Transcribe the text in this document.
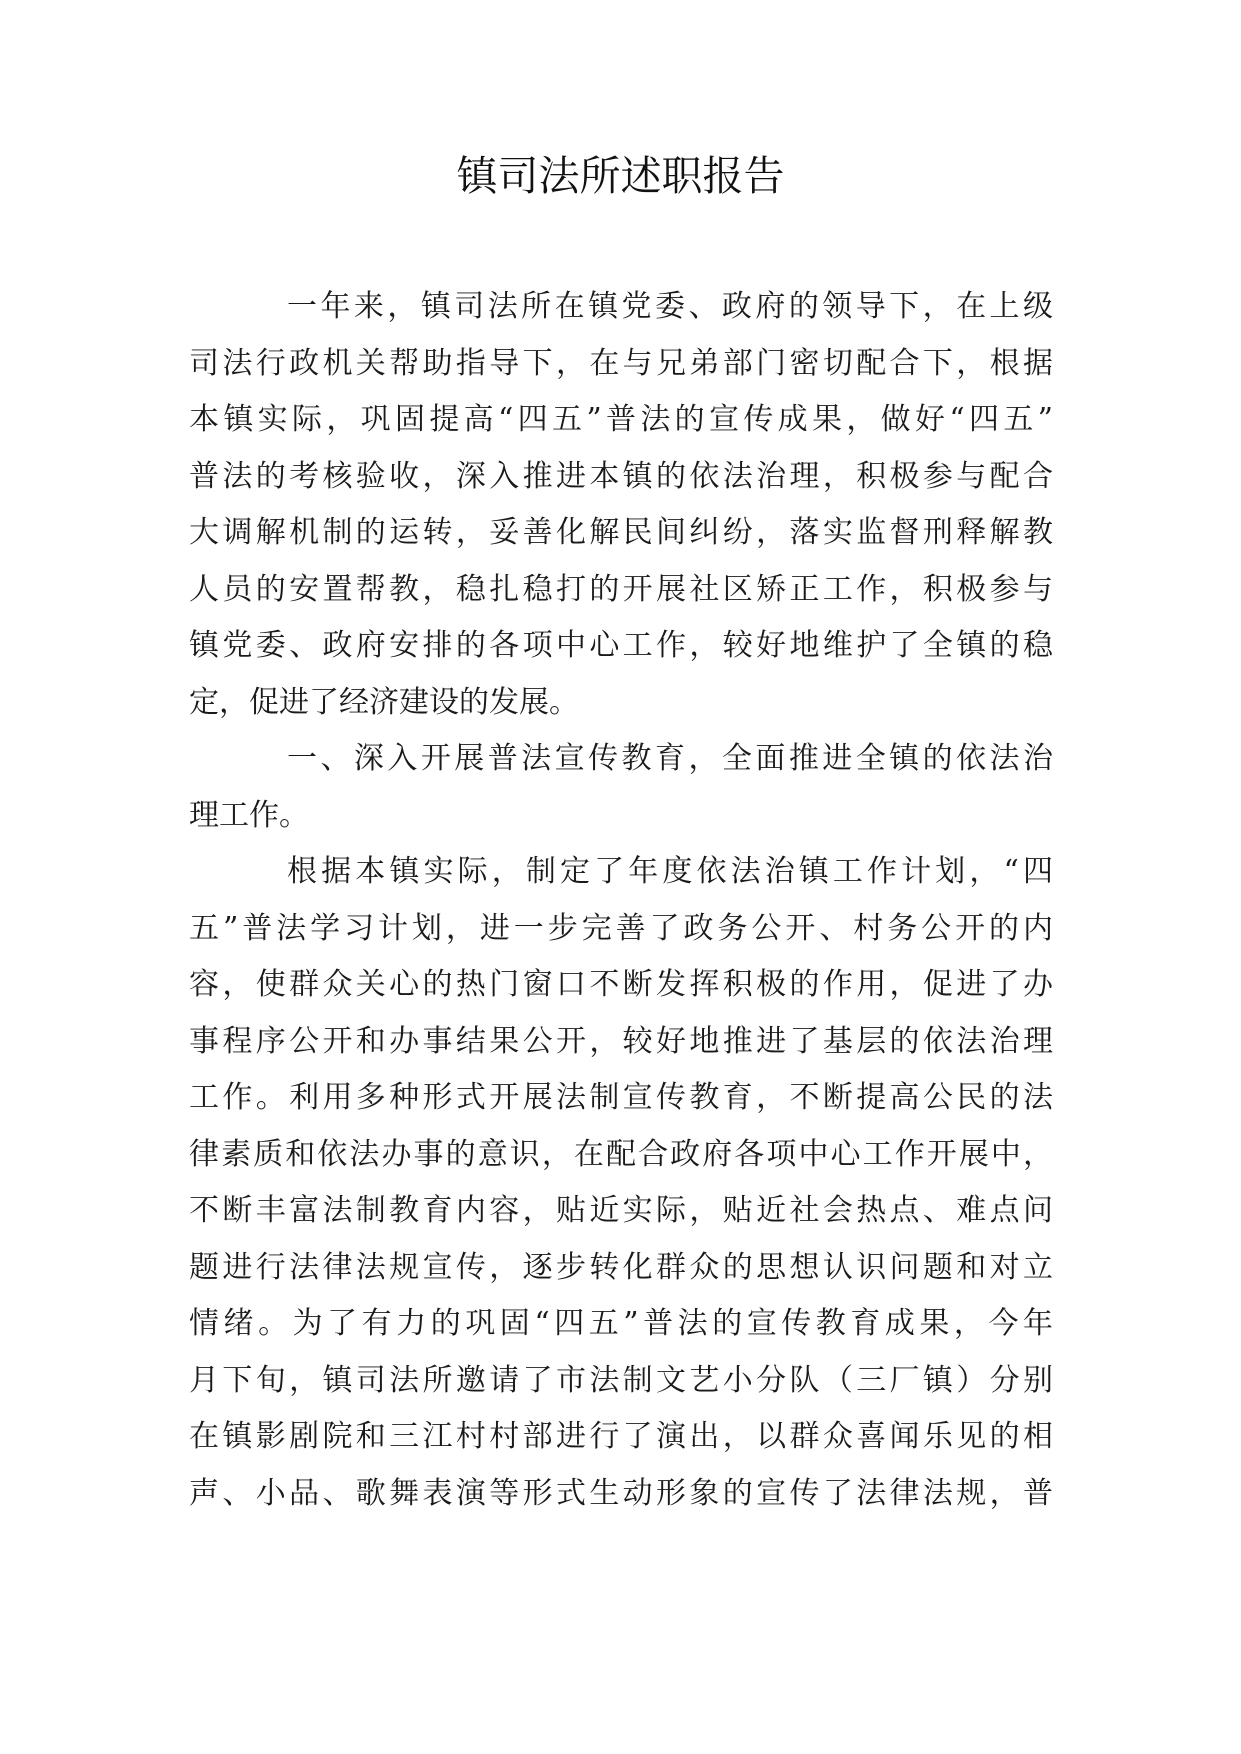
镇司法所述职报告
一年来，镇司法所在镇党委、政府的领导下，在上级
司法行政机关帮助指导下，在与兄弟部门密切配合下，根据
本镇实际，巩固提高“四五”普法的宣传成果，做好“四五”
普法的考核验收，深入推进本镇的依法治理，积极参与配合
大调解机制的运转，妥善化解民间纠纷，落实监督刑释解教
人员的安置帮教，稳扎稳打的开展社区矫正工作，积极参与
镇党委、政府安排的各项中心工作，较好地维护了全镇的稳
定，促进了经济建设的发展。
一、深入开展普法宣传教育，全面推进全镇的依法治
理工作。
根据本镇实际，制定了年度依法治镇工作计划，“四
五”普法学习计划，进一步完善了政务公开、村务公开的内
容，使群众关心的热门窗口不断发挥积极的作用，促进了办
事程序公开和办事结果公开，较好地推进了基层的依法治理
工作。利用多种形式开展法制宣传教育，不断提高公民的法
律素质和依法办事的意识，在配合政府各项中心工作开展中，
不断丰富法制教育内容，贴近实际，贴近社会热点、难点问
题进行法律法规宣传，逐步转化群众的思想认识问题和对立
情绪。为了有力的巩固“四五”普法的宣传教育成果，今年
月下旬，镇司法所邀请了市法制文艺小分队（三厂镇）分别
在镇影剧院和三江村村部进行了演出，以群众喜闻乐见的相
声、小品、歌舞表演等形式生动形象的宣传了法律法规，普
